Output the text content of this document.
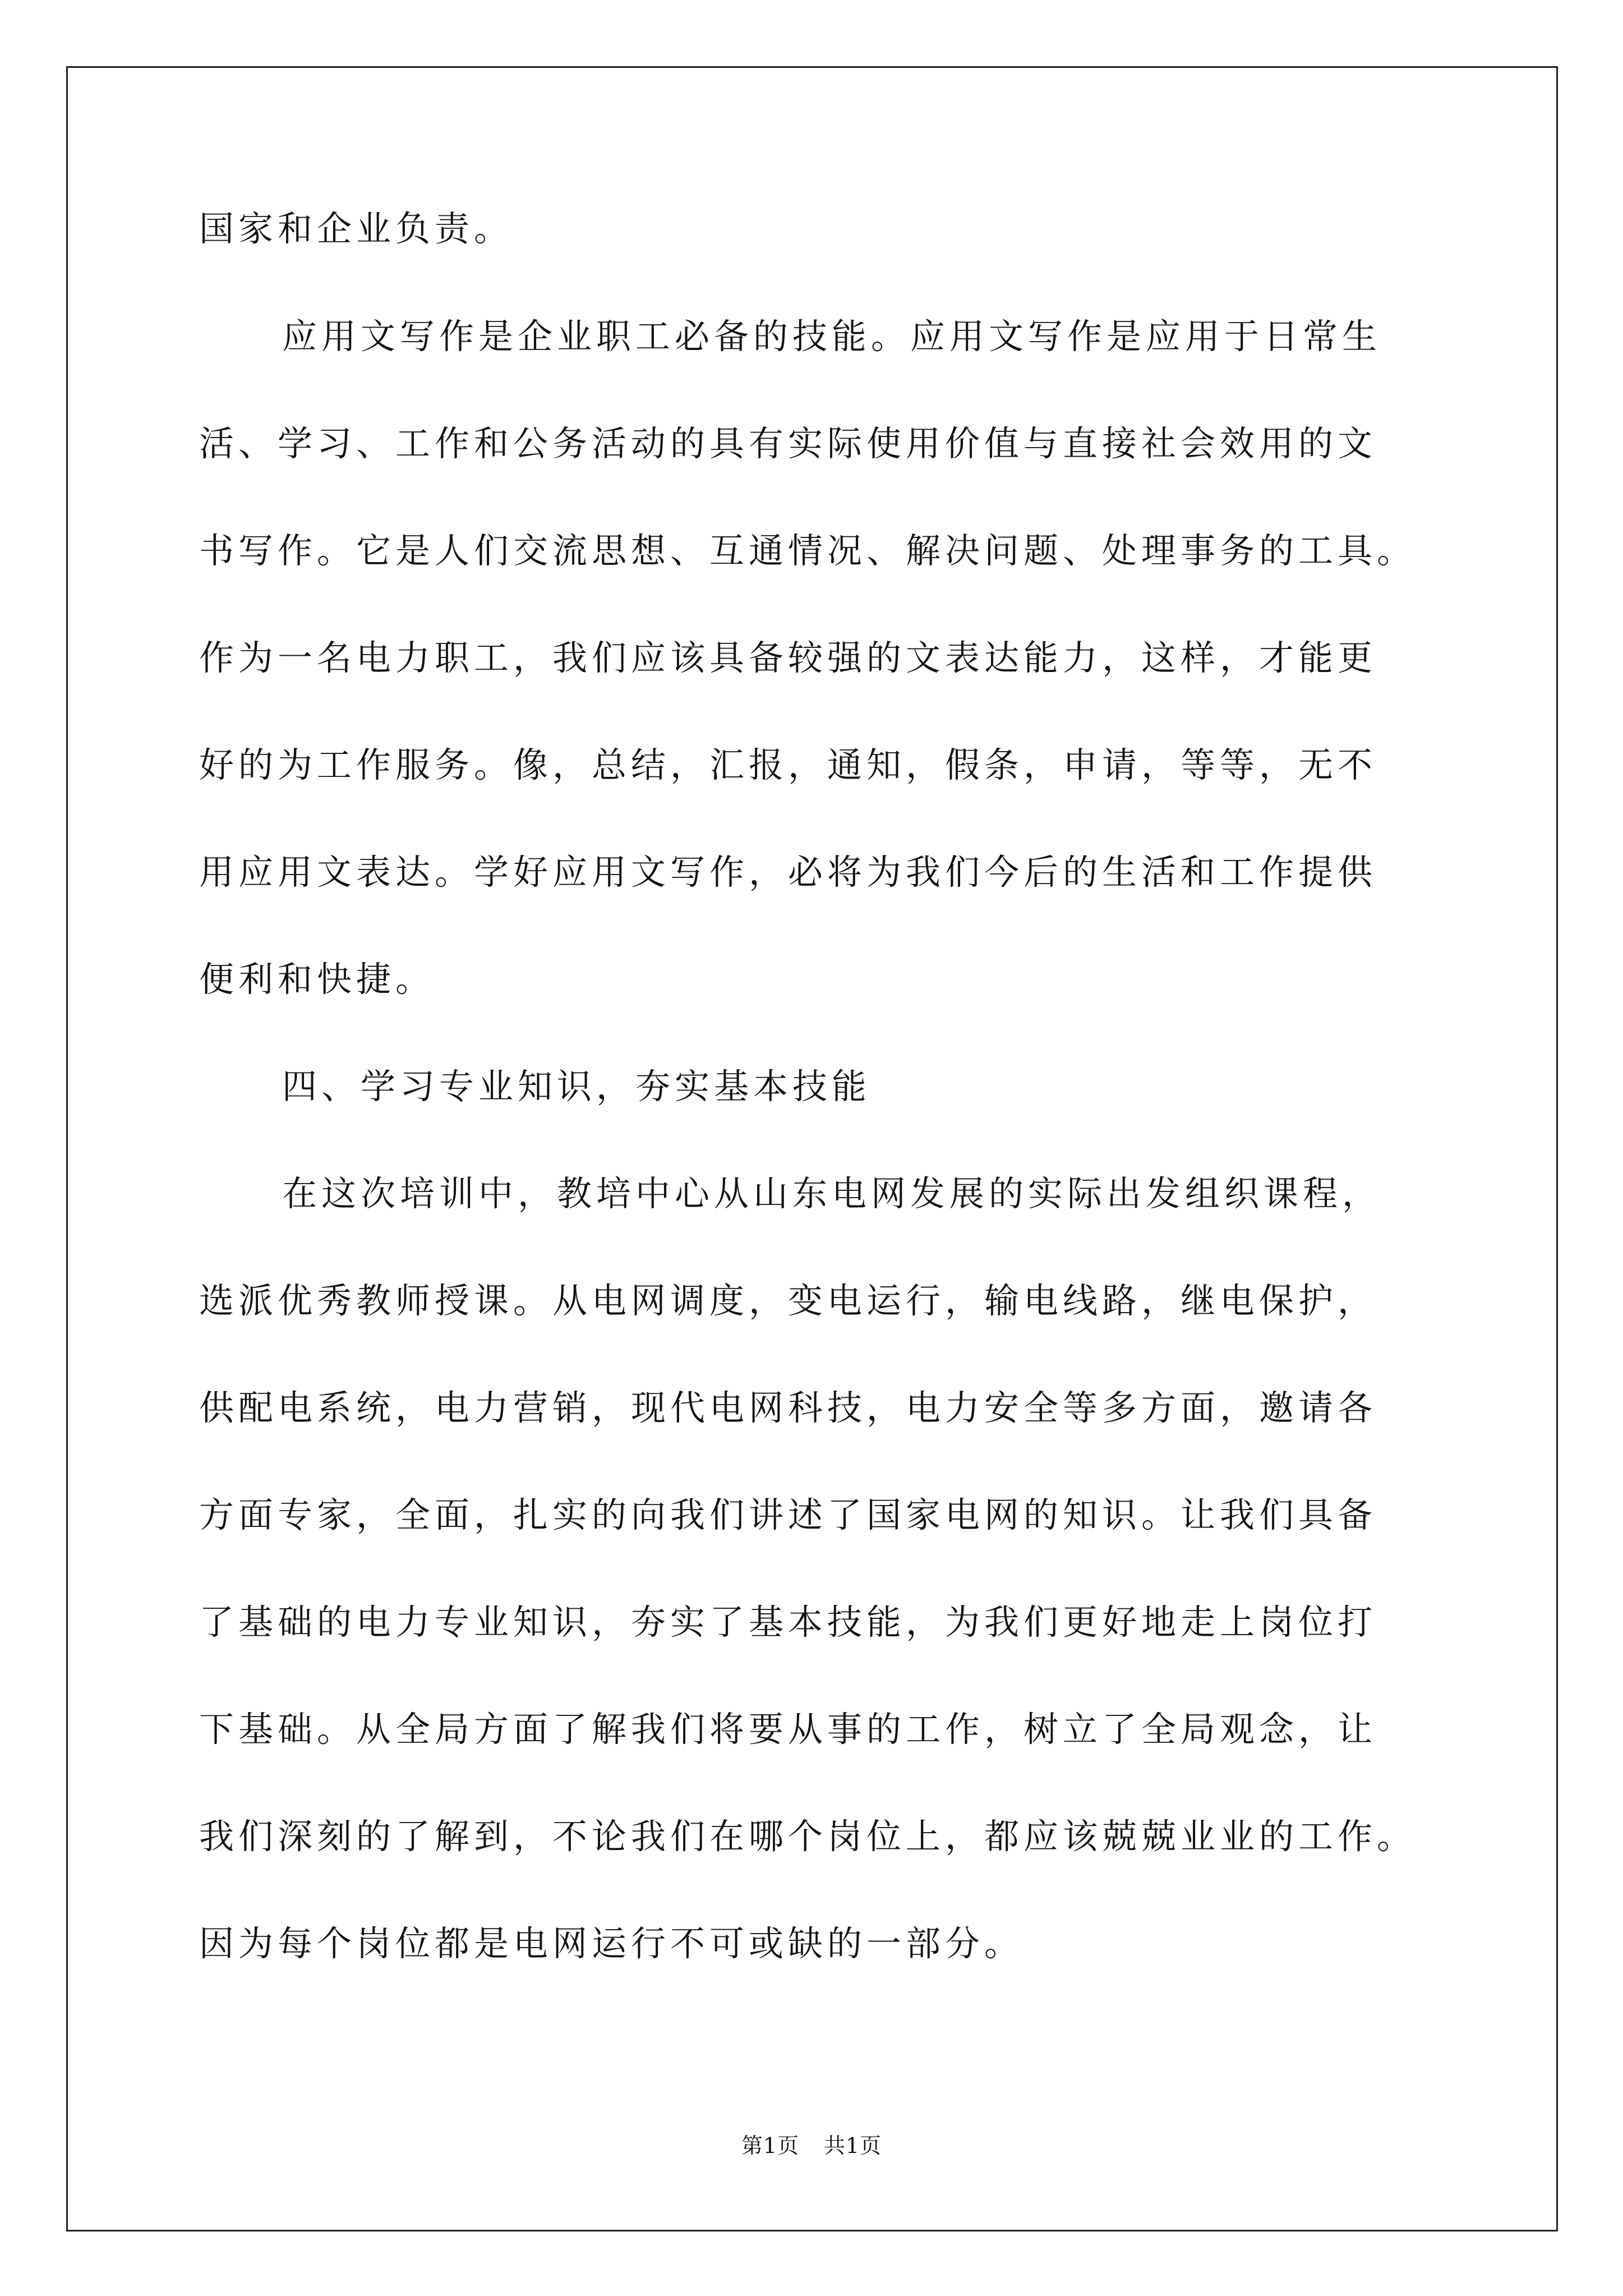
国家和企业负责。
应用文写作是企业职工必备的技能。应用文写作是应用于日常生
活、学习、工作和公务活动的具有实际使用价值与直接社会效用的文
书写作。它是人们交流思想、互通情况、解决问题、处理事务的工具。
作为一名电力职工，我们应该具备较强的文表达能力，这样，才能更
好的为工作服务。像，总结，汇报，通知，假条，申请，等等，无不
用应用文表达。学好应用文写作，必将为我们今后的生活和工作提供
便利和快捷。
四、学习专业知识，夯实基本技能
在这次培训中，教培中心从山东电网发展的实际出发组织课程，
选派优秀教师授课。从电网调度，变电运行，输电线路，继电保护，
供配电系统，电力营销，现代电网科技，电力安全等多方面，邀请各
方面专家，全面，扎实的向我们讲述了国家电网的知识。让我们具备
了基础的电力专业知识，夯实了基本技能，为我们更好地走上岗位打
下基础。从全局方面了解我们将要从事的工作，树立了全局观念，让
我们深刻的了解到，不论我们在哪个岗位上，都应该兢兢业业的工作。
因为每个岗位都是电网运行不可或缺的一部分。
第1页 共1页
